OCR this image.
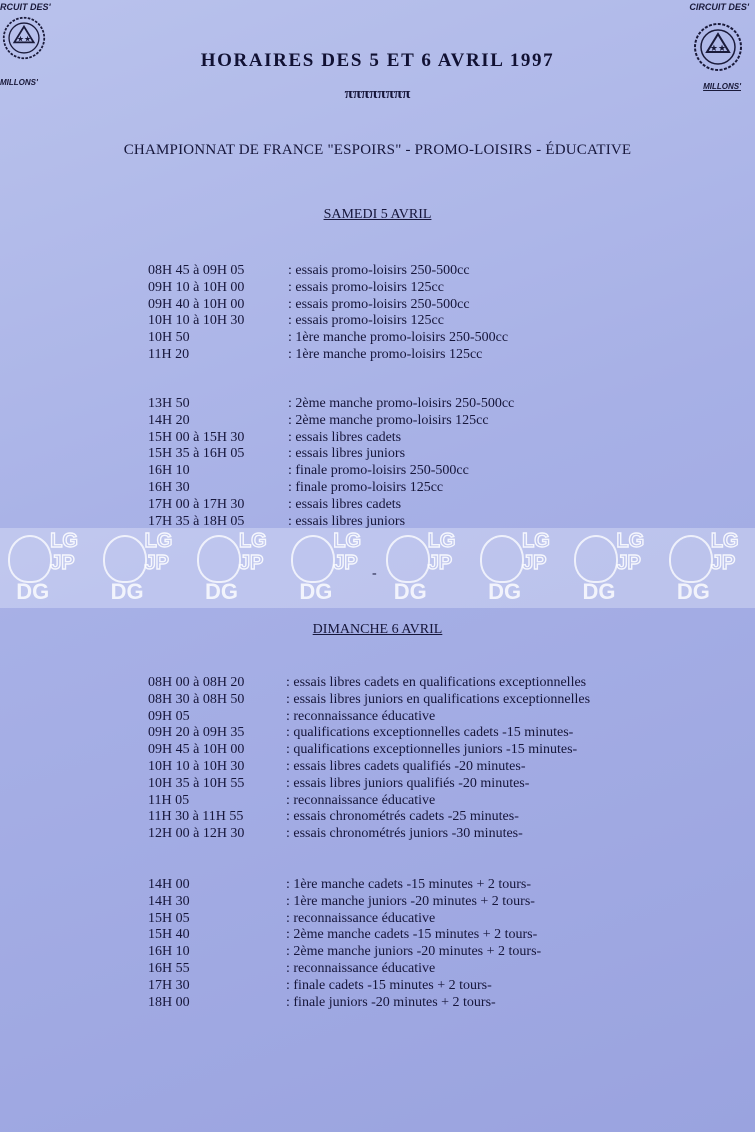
RCUIT DES'	CIRCUIT DES'
★★
★★
MILLONS'	MILLONS'
HORAIRES DES 5 ET 6 AVRIL 1997
ππππππππ
CHAMPIONNAT DE FRANCE "ESPOIRS" - PROMO-LOISIRS - ÉDUCATIVE
SAMEDI 5 AVRIL
08H 45 à 09H 05	: essais promo-loisirs 250-500cc
09H 10 à 10H 00	: essais promo-loisirs 125cc
09H 40 à 10H 00	: essais promo-loisirs 250-500cc
10H 10 à 10H 30	: essais promo-loisirs 125cc
10H 50	: 1ère manche promo-loisirs 250-500cc
11H 20	: 1ère manche promo-loisirs 125cc
13H 50	: 2ème manche promo-loisirs 250-500cc
14H 20	: 2ème manche promo-loisirs 125cc
15H 00 à 15H 30	: essais libres cadets
15H 35 à 16H 05	: essais libres juniors
16H 10	: finale promo-loisirs 250-500cc
16H 30	: finale promo-loisirs 125cc
17H 00 à 17H 30	: essais libres cadets
17H 35 à 18H 05	: essais libres juniors
LG
JP
DG
LG
JP
DG
LG
JP
DG
LG
JP
DG
LG
JP
DG
LG
JP
DG
LG
JP
DG
LG
JP
DG
-
DIMANCHE 6 AVRIL
08H 00 à 08H 20	: essais libres cadets en qualifications exceptionnelles
08H 30 à 08H 50	: essais libres juniors en qualifications exceptionnelles
09H 05	: reconnaissance éducative
09H 20 à 09H 35	: qualifications exceptionnelles cadets -15 minutes-
09H 45 à 10H 00	: qualifications exceptionnelles juniors -15 minutes-
10H 10 à 10H 30	: essais libres cadets qualifiés -20 minutes-
10H 35 à 10H 55	: essais libres juniors qualifiés -20 minutes-
11H 05	: reconnaissance éducative
11H 30 à 11H 55	: essais chronométrés cadets -25 minutes-
12H 00 à 12H 30	: essais chronométrés juniors -30 minutes-
14H 00	: 1ère manche cadets -15 minutes + 2 tours-
14H 30	: 1ère manche juniors -20 minutes + 2 tours-
15H 05	: reconnaissance éducative
15H 40	: 2ème manche cadets -15 minutes + 2 tours-
16H 10	: 2ème manche juniors -20 minutes + 2 tours-
16H 55	: reconnaissance éducative
17H 30	: finale cadets -15 minutes + 2 tours-
18H 00	: finale juniors -20 minutes + 2 tours-
